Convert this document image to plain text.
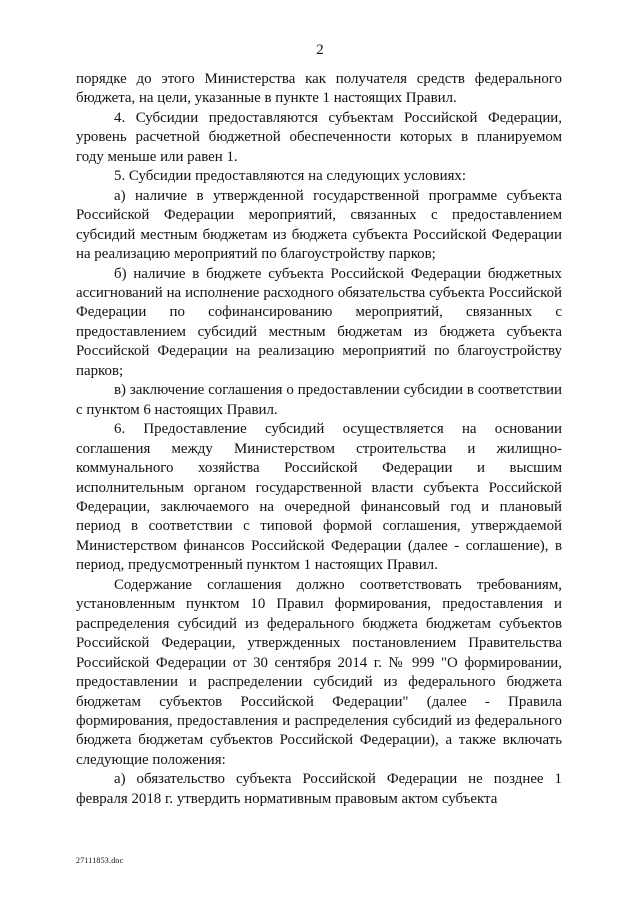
2

порядке до этого Министерства как получателя средств федерального бюджета, на цели, указанные в пункте 1 настоящих Правил.

4. Субсидии предоставляются субъектам Российской Федерации, уровень расчетной бюджетной обеспеченности которых в планируемом году меньше или равен 1.

5. Субсидии предоставляются на следующих условиях:

а) наличие в утвержденной государственной программе субъекта Российской Федерации мероприятий, связанных с предоставлением субсидий местным бюджетам из бюджета субъекта Российской Федерации на реализацию мероприятий по благоустройству парков;

б) наличие в бюджете субъекта Российской Федерации бюджетных ассигнований на исполнение расходного обязательства субъекта Российской Федерации по софинансированию мероприятий, связанных с предоставлением субсидий местным бюджетам из бюджета субъекта Российской Федерации на реализацию мероприятий по благоустройству парков;

в) заключение соглашения о предоставлении субсидии в соответствии с пунктом 6 настоящих Правил.

6. Предоставление субсидий осуществляется на основании соглашения между Министерством строительства и жилищно-коммунального хозяйства Российской Федерации и высшим исполнительным органом государственной власти субъекта Российской Федерации, заключаемого на очередной финансовый год и плановый период в соответствии с типовой формой соглашения, утверждаемой Министерством финансов Российской Федерации (далее - соглашение), в период, предусмотренный пунктом 1 настоящих Правил.

Содержание соглашения должно соответствовать требованиям, установленным пунктом 10 Правил формирования, предоставления и распределения субсидий из федерального бюджета бюджетам субъектов Российской Федерации, утвержденных постановлением Правительства Российской Федерации от 30 сентября 2014 г. № 999 "О формировании, предоставлении и распределении субсидий из федерального бюджета бюджетам субъектов Российской Федерации" (далее - Правила формирования, предоставления и распределения субсидий из федерального бюджета бюджетам субъектов Российской Федерации), а также включать следующие положения:

а) обязательство субъекта Российской Федерации не позднее 1 февраля 2018 г. утвердить нормативным правовым актом субъекта

27111853.doc
